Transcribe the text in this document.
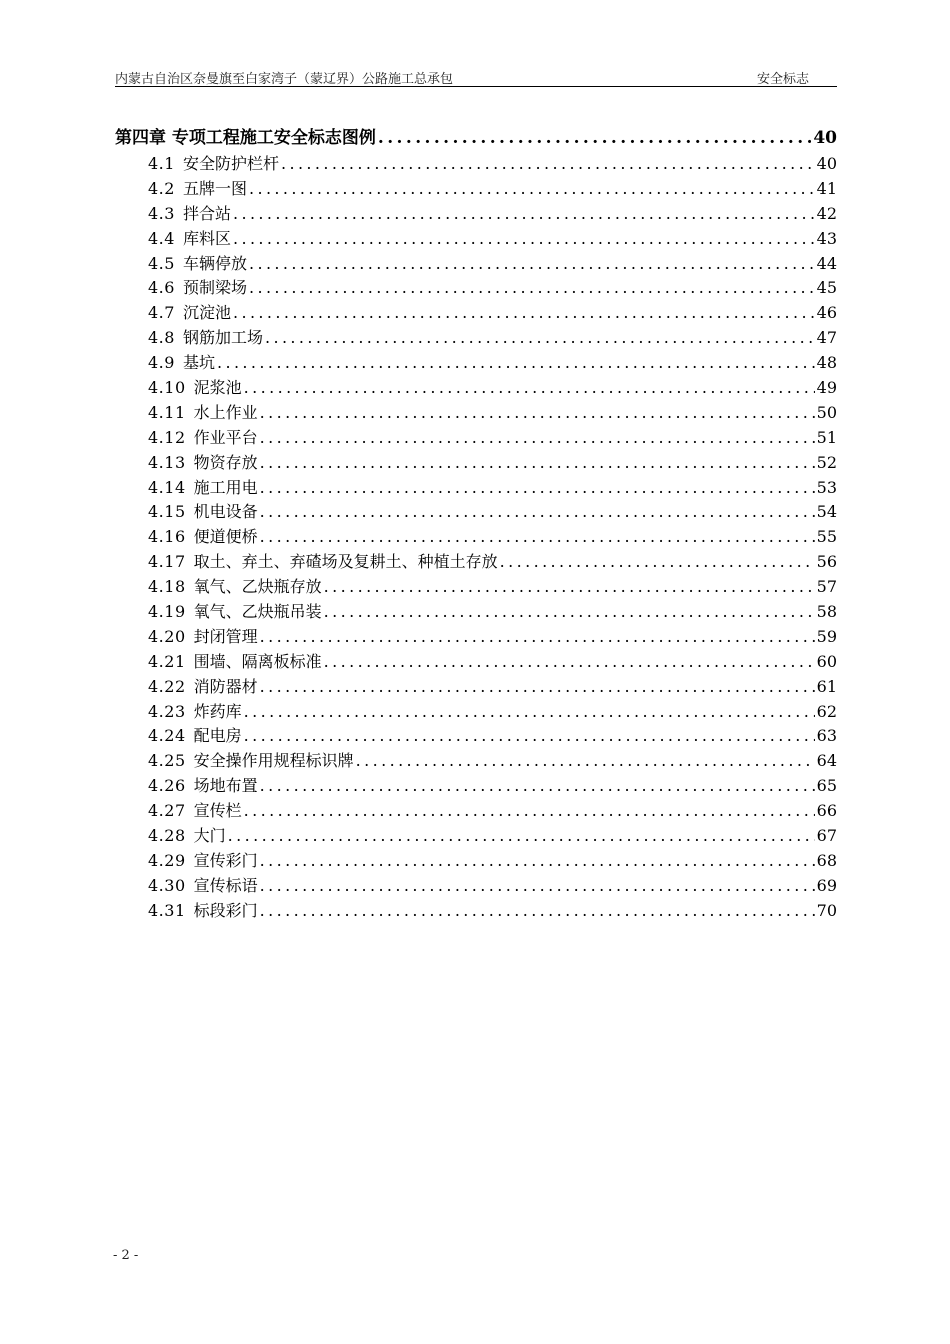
内蒙古自治区奈曼旗至白家湾子（蒙辽界）公路施工总承包	安全标志
第四章 专项工程施工安全标志图例 .....	40
4.1 安全防护栏杆 .....	40
4.2 五牌一图 .....	41
4.3 拌合站 .....	42
4.4 库料区 .....	43
4.5 车辆停放 .....	44
4.6 预制梁场 .....	45
4.7 沉淀池 .....	46
4.8 钢筋加工场 .....	47
4.9 基坑 .....	48
4.10 泥浆池 .....	49
4.11 水上作业 .....	50
4.12 作业平台 .....	51
4.13 物资存放 .....	52
4.14 施工用电 .....	53
4.15 机电设备 .....	54
4.16 便道便桥 .....	55
4.17 取土、弃土、弃碴场及复耕土、种植土存放 .....	56
4.18 氧气、乙炔瓶存放 .....	57
4.19 氧气、乙炔瓶吊装 .....	58
4.20 封闭管理 .....	59
4.21 围墙、隔离板标准 .....	60
4.22 消防器材 .....	61
4.23 炸药库 .....	62
4.24 配电房 .....	63
4.25 安全操作用规程标识牌 .....	64
4.26 场地布置 .....	65
4.27 宣传栏 .....	66
4.28 大门 .....	67
4.29 宣传彩门 .....	68
4.30 宣传标语 .....	69
4.31 标段彩门 .....	70
- 2 -
